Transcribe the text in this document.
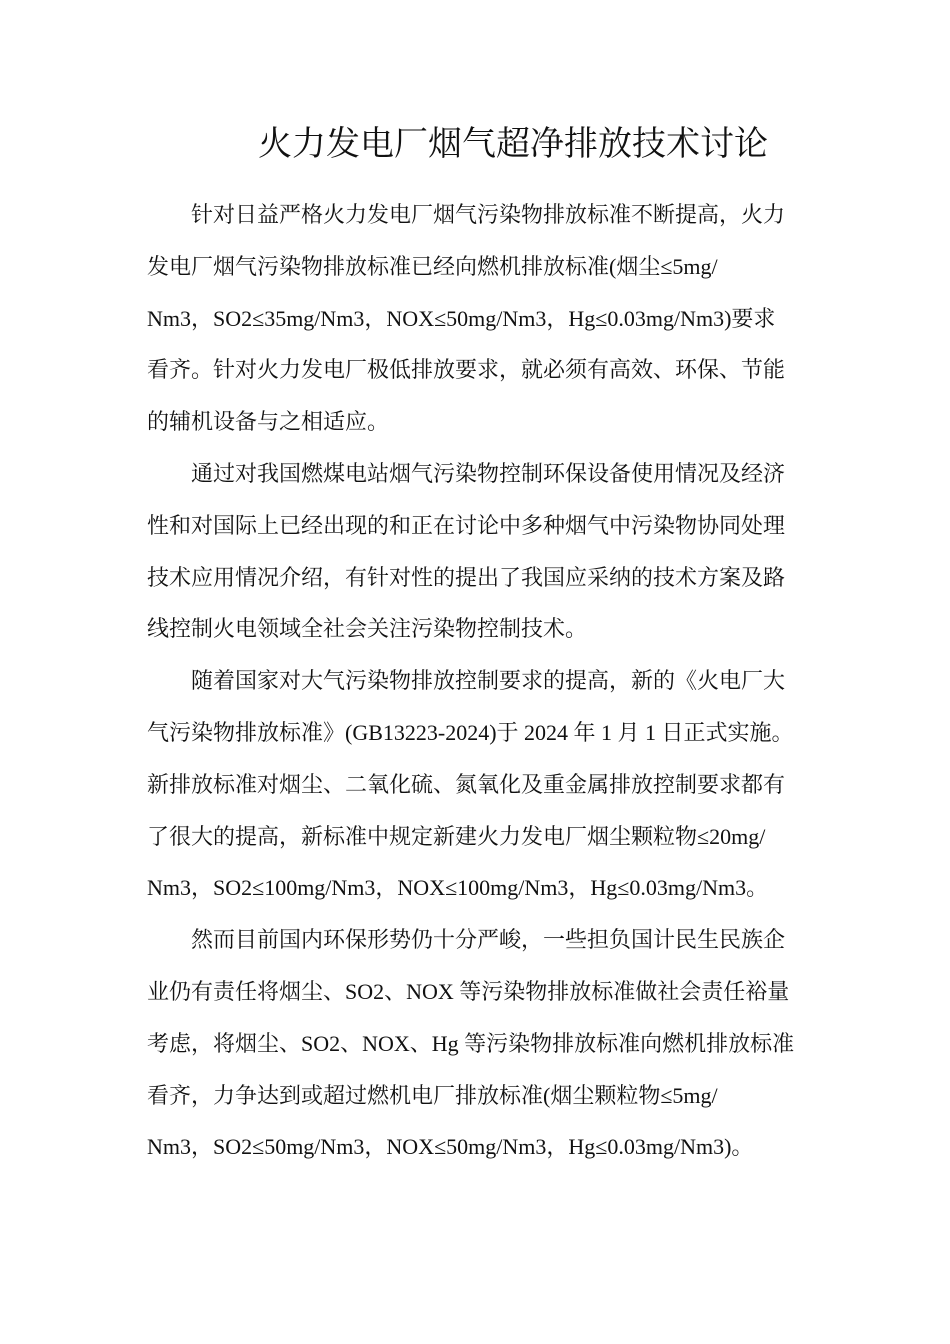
火力发电厂烟气超净排放技术讨论
针对日益严格火力发电厂烟气污染物排放标准不断提高，火力
发电厂烟气污染物排放标准已经向燃机排放标准(烟尘≤5mg/
Nm3，SO2≤35mg/Nm3，NOX≤50mg/Nm3，Hg≤0.03mg/Nm3)要求
看齐。针对火力发电厂极低排放要求，就必须有高效、环保、节能
的辅机设备与之相适应。
通过对我国燃煤电站烟气污染物控制环保设备使用情况及经济
性和对国际上已经出现的和正在讨论中多种烟气中污染物协同处理
技术应用情况介绍，有针对性的提出了我国应采纳的技术方案及路
线控制火电领域全社会关注污染物控制技术。
随着国家对大气污染物排放控制要求的提高，新的《火电厂大
气污染物排放标准》(GB13223-2024)于 2024 年 1 月 1 日正式实施。
新排放标准对烟尘、二氧化硫、氮氧化及重金属排放控制要求都有
了很大的提高，新标准中规定新建火力发电厂烟尘颗粒物≤20mg/
Nm3，SO2≤100mg/Nm3，NOX≤100mg/Nm3，Hg≤0.03mg/Nm3。
然而目前国内环保形势仍十分严峻，一些担负国计民生民族企
业仍有责任将烟尘、SO2、NOX 等污染物排放标准做社会责任裕量
考虑，将烟尘、SO2、NOX、Hg 等污染物排放标准向燃机排放标准
看齐，力争达到或超过燃机电厂排放标准(烟尘颗粒物≤5mg/
Nm3，SO2≤50mg/Nm3，NOX≤50mg/Nm3，Hg≤0.03mg/Nm3)。
